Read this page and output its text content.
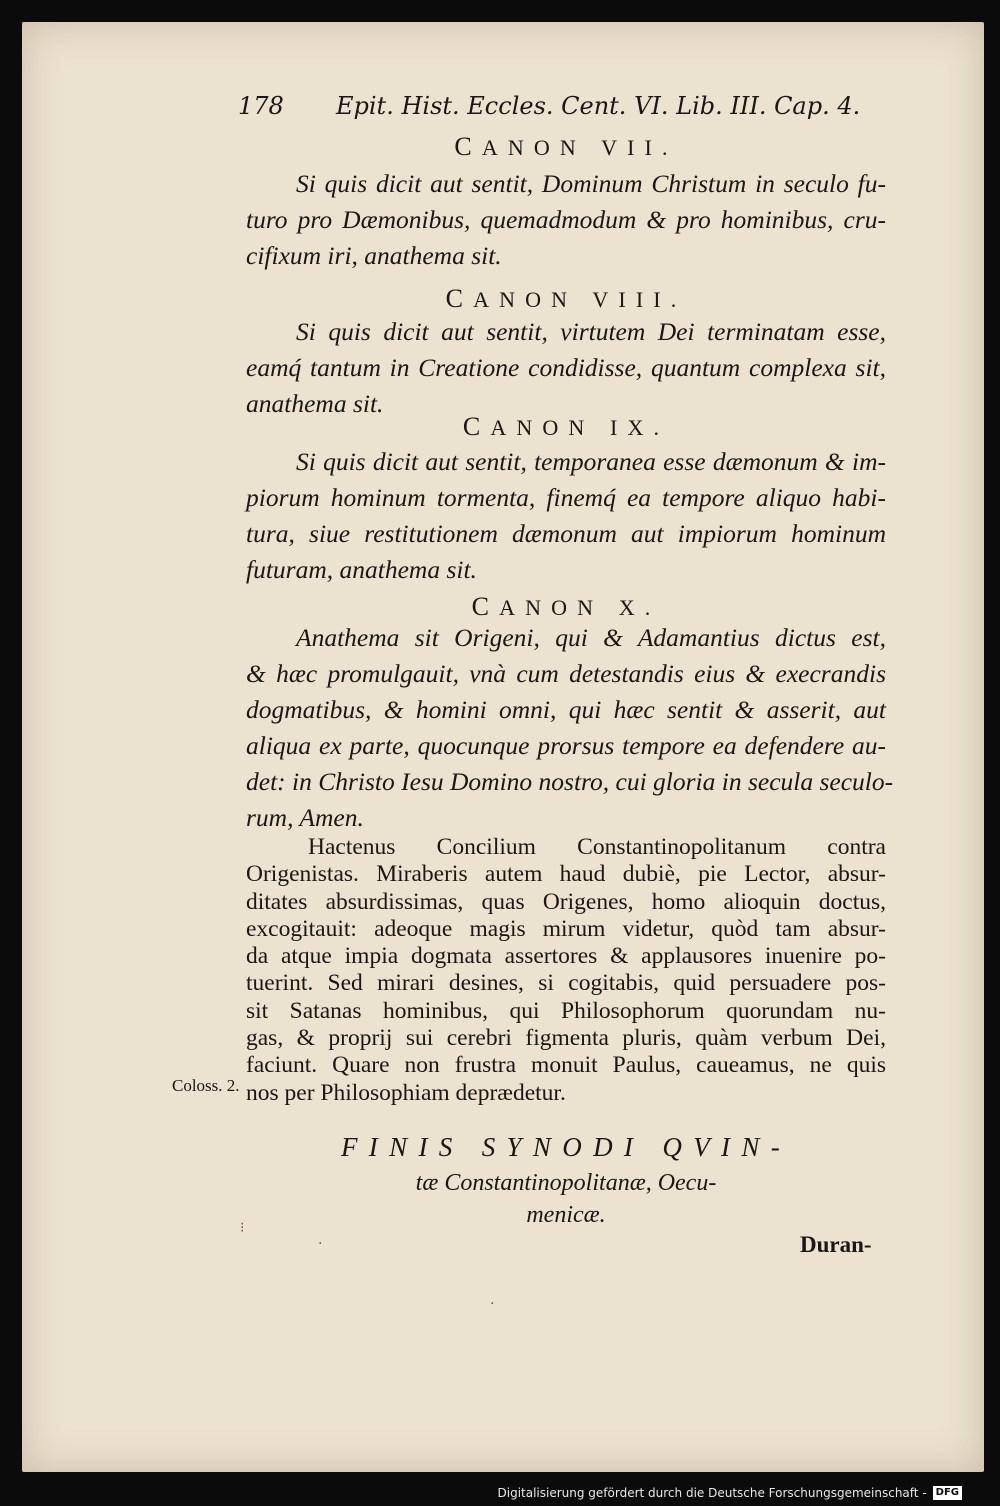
178 Epit. Hist. Eccles. Cent. VI. Lib. III. Cap. 4.
CANON VII.
Si quis dicit aut sentit, Dominum Christum in seculo fu-
turo pro Dæmonibus, quemadmodum & pro hominibus, cru-
cifixum iri, anathema sit.
CANON VIII.
Si quis dicit aut sentit, virtutem Dei terminatam esse,
eamq́ tantum in Creatione condidisse, quantum complexa sit,
anathema sit.
CANON IX.
Si quis dicit aut sentit, temporanea esse dæmonum & im-
piorum hominum tormenta, finemq́ ea tempore aliquo habi-
tura, siue restitutionem dæmonum aut impiorum hominum
futuram, anathema sit.
CANON X.
Anathema sit Origeni, qui & Adamantius dictus est,
& hæc promulgauit, vnà cum detestandis eius & execrandis
dogmatibus, & homini omni, qui hæc sentit & asserit, aut
aliqua ex parte, quocunque prorsus tempore ea defendere au-
det: in Christo Iesu Domino nostro, cui gloria in secula seculo-
rum, Amen.
Hactenus Concilium Constantinopolitanum contra
Origenistas. Miraberis autem haud dubiè, pie Lector, absur-
ditates absurdissimas, quas Origenes, homo alioquin doctus,
excogitauit: adeoque magis mirum videtur, quòd tam absur-
da atque impia dogmata assertores & applausores inuenire po-
tuerint. Sed mirari desines, si cogitabis, quid persuadere pos-
sit Satanas hominibus, qui Philosophorum quorundam nu-
gas, & proprij sui cerebri figmenta pluris, quàm verbum Dei,
faciunt. Quare non frustra monuit Paulus, caueamus, ne quis
nos per Philosophiam deprædetur.
Coloss. 2.
FINIS SYNODI QVIN-
tæ Constantinopolitanæ, Oecu-
menicæ.
Duran-
⁝
·
·
Digitalisierung gefördert durch die Deutsche Forschungsgemeinschaft - DFG
